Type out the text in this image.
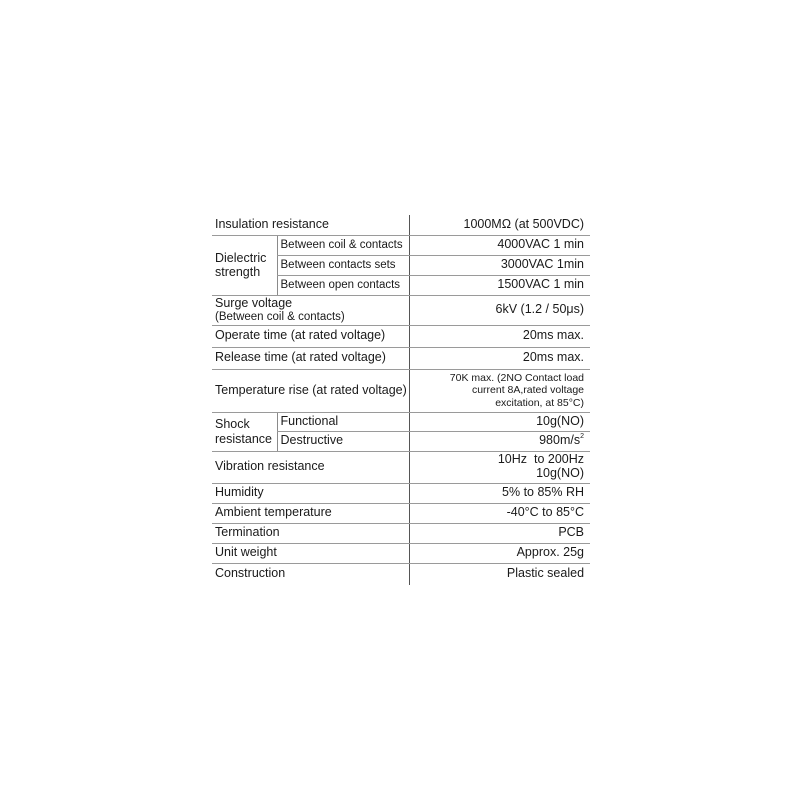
Insulation resistance		1000MΩ (at 500VDC)
Dielectric strength	Between coil & contacts	4000VAC 1 min
	Between contacts sets	3000VAC 1min
	Between open contacts	1500VAC 1 min

Surge voltage
(Between coil & contacts)		6kV (1.2 / 50μs)
Operate time (at rated voltage)		20ms max.
Release time (at rated voltage)		20ms max.
Temperature rise (at rated voltage)		70K max. (2NO Contact load
current 8A,rated voltage
excitation, at 85°C)

Shock resistance	Functional	10g(NO)
	Destructive	$980m/s^2$
Vibration resistance		10Hz  to 200Hz
10g(NO)

Humidity		5% to 85% RH
Ambient temperature		-40°C to 85°C
Termination		PCB
Unit weight		Approx. 25g
Construction		Plastic sealed
